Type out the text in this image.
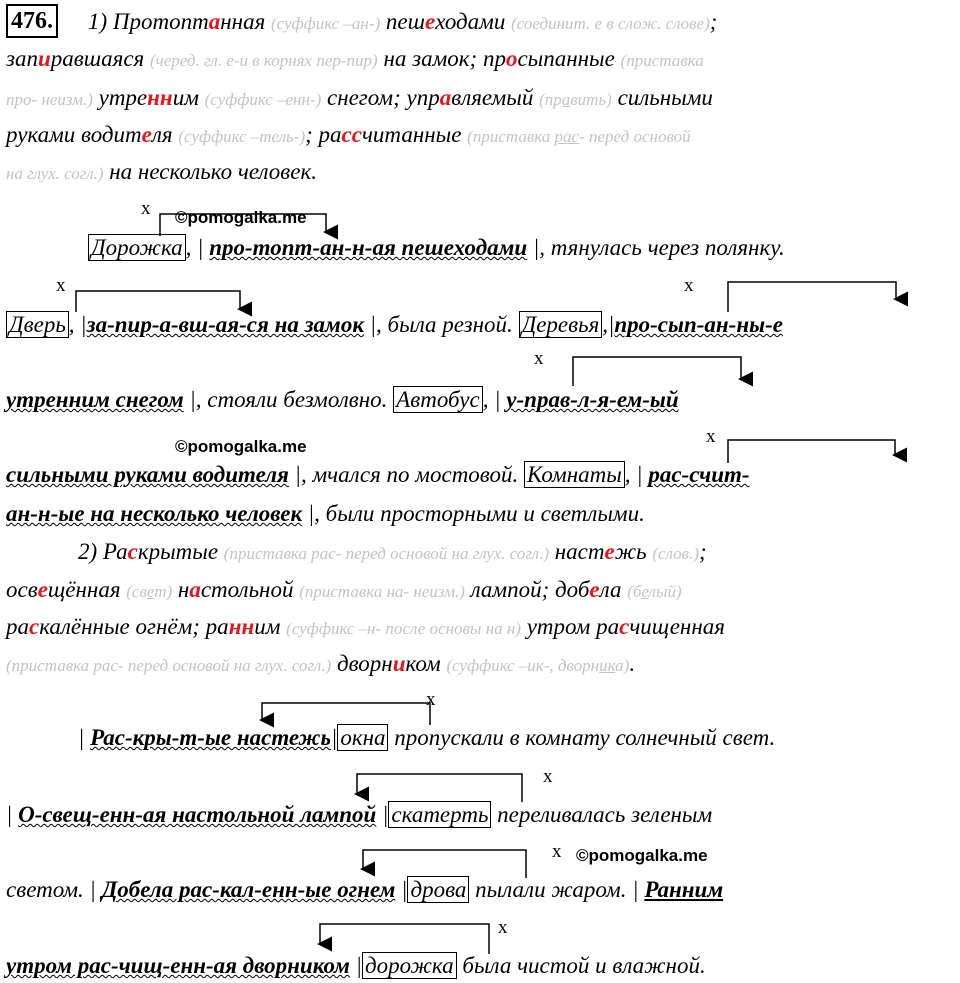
476. 1) Протоптанная (суффикс –ан-) пешеходами (соединит. е в слож. слове);
запиравшаяся (черед. гл. е-и в корнях пер-пир) на замок; просыпанные (приставка
про- неизм.) утренним (суффикс –енн-) снегом; управляемый (править) сильными
руками водителя (суффикс –тель-); рассчитанные (приставка рас- перед основой
на глух. согл.) на несколько человек.
©pomogalka.me
Дорожка , | про-топт-ан-н-ая пешеходами |, тянулась через полянку.
Дверь , |за-пир-а-вш-ая-ся на замок |, была резной. Деревья ,|про-сып-ан-ны-е
утренним снегом |, стояли безмолвно. Автобус , | у-прав-л-я-ем-ый
©pomogalka.me
сильными руками водителя |, мчался по мостовой. Комнаты , | рас-счит-
ан-н-ые на несколько человек |, были просторными и светлыми.
2) Раскрытые (приставка рас- перед основой на глух. согл.) настежь (слов.);
освещённая (свет) настольной (приставка на- неизм.) лампой; добела (белый)
раскалённые огнём; ранним (суффикс –н- после основы на н) утром расчищенная
(приставка рас- перед основой на глух. согл.) дворником (суффикс –ик-, дворника).
| Рас-кры-т-ые настежь| окна пропускали в комнату солнечный свет.
| О-свещ-енн-ая настольной лампой | скатерть переливалась зеленым
©pomogalka.me
светом. | Добела рас-кал-енн-ые огнем | дрова пылали жаром. | Ранним
утром рас-чищ-енн-ая дворником | дорожка была чистой и влажной.
x
x	x
x
x
x
x
x
x
